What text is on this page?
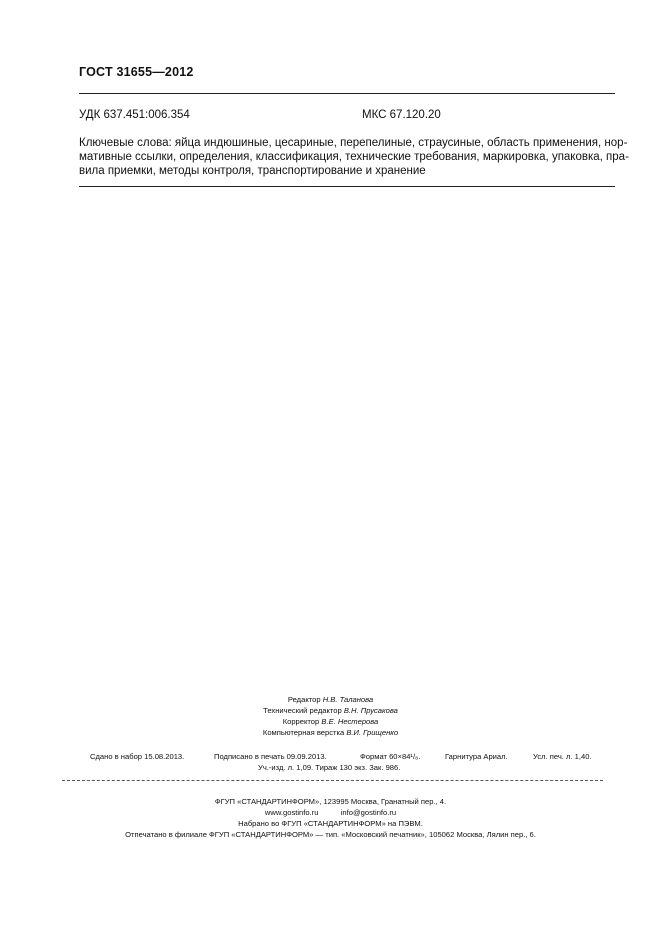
ГОСТ 31655—2012
УДК 637.451:006.354	МКС 67.120.20
Ключевые слова: яйца индюшиные, цесариные, перепелиные, страусиные, область применения, нор-
мативные ссылки, определения, классификация, технические требования, маркировка, упаковка, пра-
вила приемки, методы контроля, транспортирование и хранение
Редактор Н.В. Таланова
Технический редактор В.Н. Прусакова
Корректор В.Е. Нестерова
Компьютерная верстка В.И. Грищенко
Сдано в набор 15.08.2013.	Подписано в печать 09.09.2013.	Формат 60×84¹/₈.	Гарнитура Ариал.	Усл. печ. л. 1,40.
Уч.-изд. л. 1,09. Тираж 130 экз. Зак. 986.
ФГУП «СТАНДАРТИНФОРМ», 123995 Москва, Гранатный пер., 4.
www.gostinfo.ru	info@gostinfo.ru
Набрано во ФГУП «СТАНДАРТИНФОРМ» на ПЭВМ.
Отпечатано в филиале ФГУП «СТАНДАРТИНФОРМ» — тип. «Московский печатник», 105062 Москва, Лялин пер., 6.
